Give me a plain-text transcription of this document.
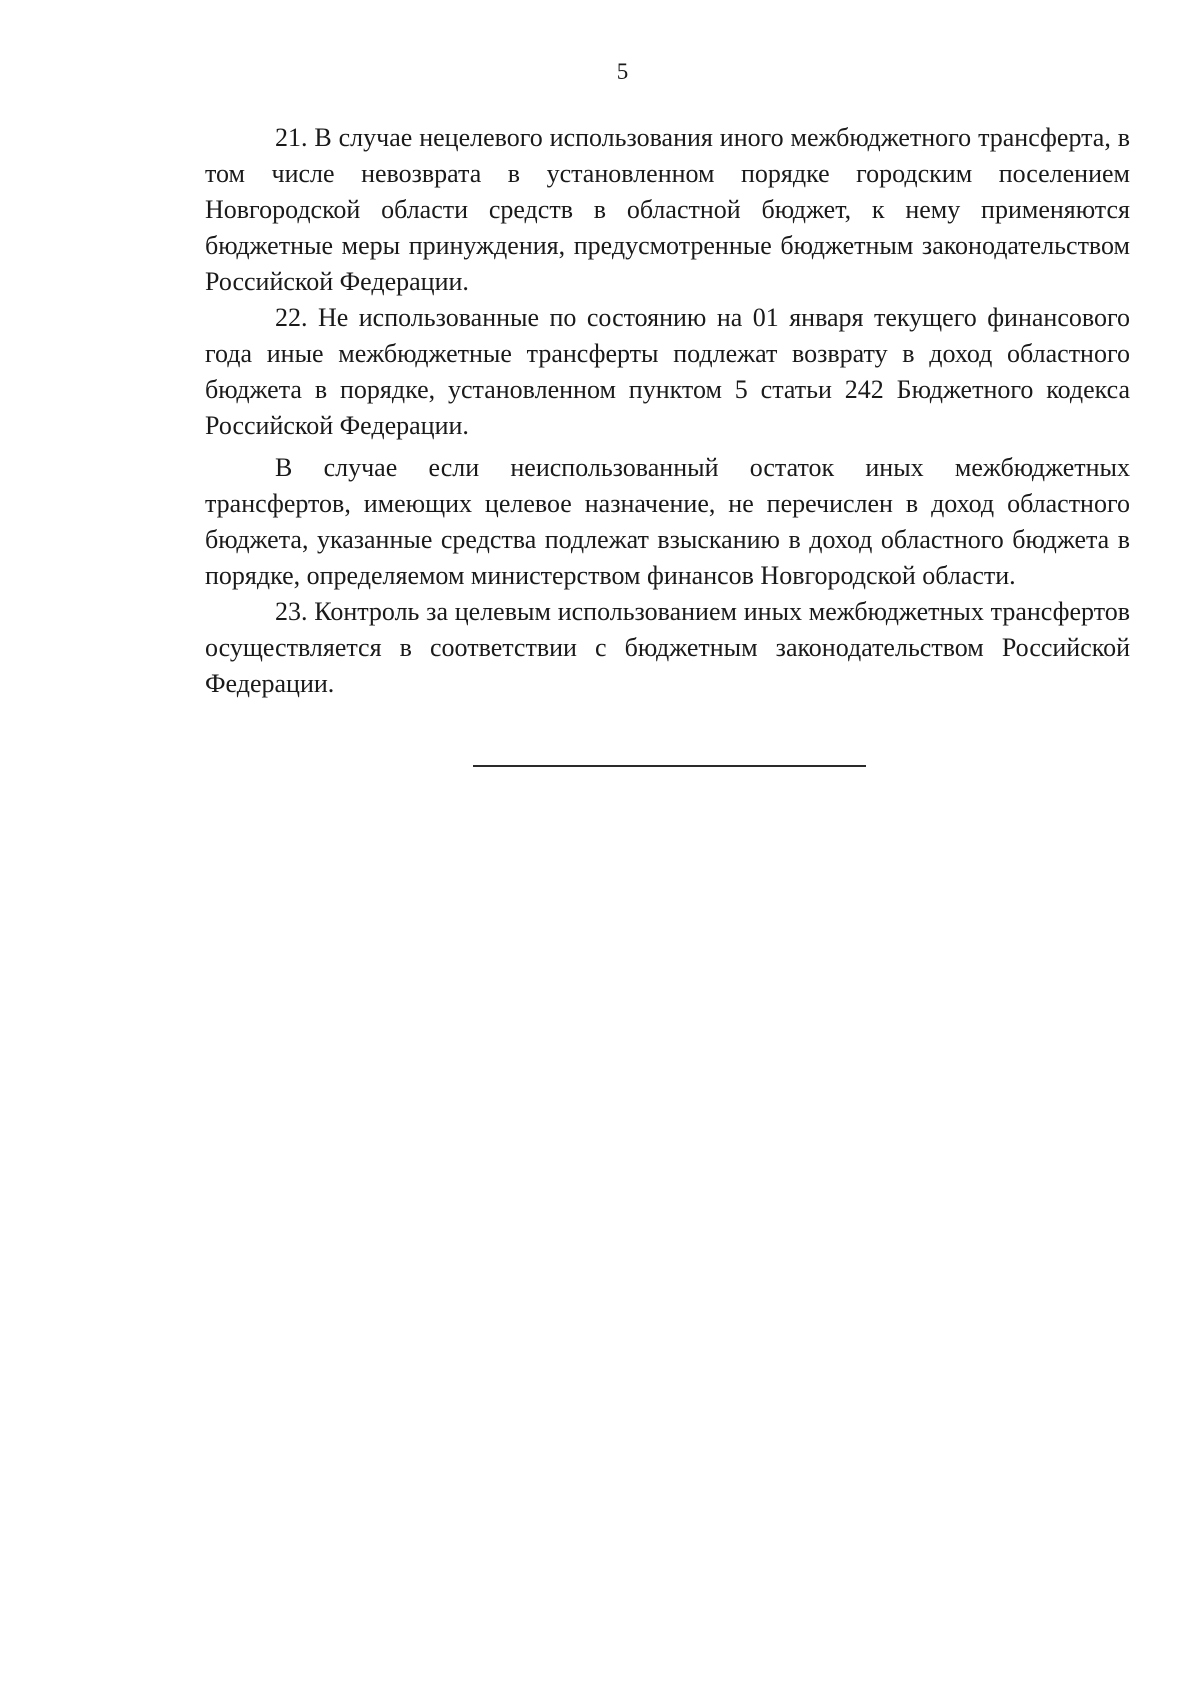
5

21. В случае нецелевого использования иного межбюджетного трансферта, в том числе невозврата в установленном порядке городским поселением Новгородской области средств в областной бюджет, к нему применяются бюджетные меры принуждения, предусмотренные бюджетным законодательством Российской Федерации.

22. Не использованные по состоянию на 01 января текущего финансового года иные межбюджетные трансферты подлежат возврату в доход областного бюджета в порядке, установленном пунктом 5 статьи 242 Бюджетного кодекса Российской Федерации.

В случае если неиспользованный остаток иных межбюджетных трансфертов, имеющих целевое назначение, не перечислен в доход областного бюджета, указанные средства подлежат взысканию в доход областного бюджета в порядке, определяемом министерством финансов Новгородской области.

23. Контроль за целевым использованием иных межбюджетных трансфертов осуществляется в соответствии с бюджетным законодательством Российской Федерации.
